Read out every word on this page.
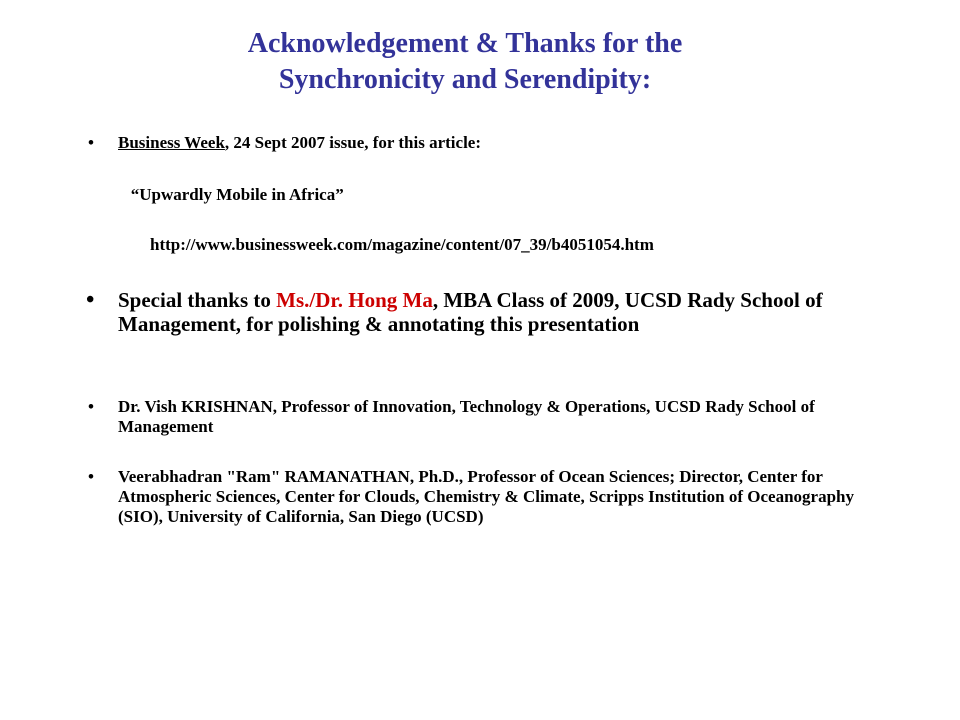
Acknowledgement & Thanks for the
Synchronicity and Serendipity:
• Business Week, 24 Sept 2007 issue, for this article:
“Upwardly Mobile in Africa”
http://www.businessweek.com/magazine/content/07_39/b4051054.htm
• Special thanks to Ms./Dr. Hong Ma, MBA Class of 2009, UCSD Rady School of Management, for polishing & annotating this presentation
• Dr. Vish KRISHNAN, Professor of Innovation, Technology & Operations, UCSD Rady School of Management
• Veerabhadran "Ram" RAMANATHAN, Ph.D., Professor of Ocean Sciences; Director, Center for Atmospheric Sciences, Center for Clouds, Chemistry & Climate, Scripps Institution of Oceanography (SIO), University of California, San Diego (UCSD)
